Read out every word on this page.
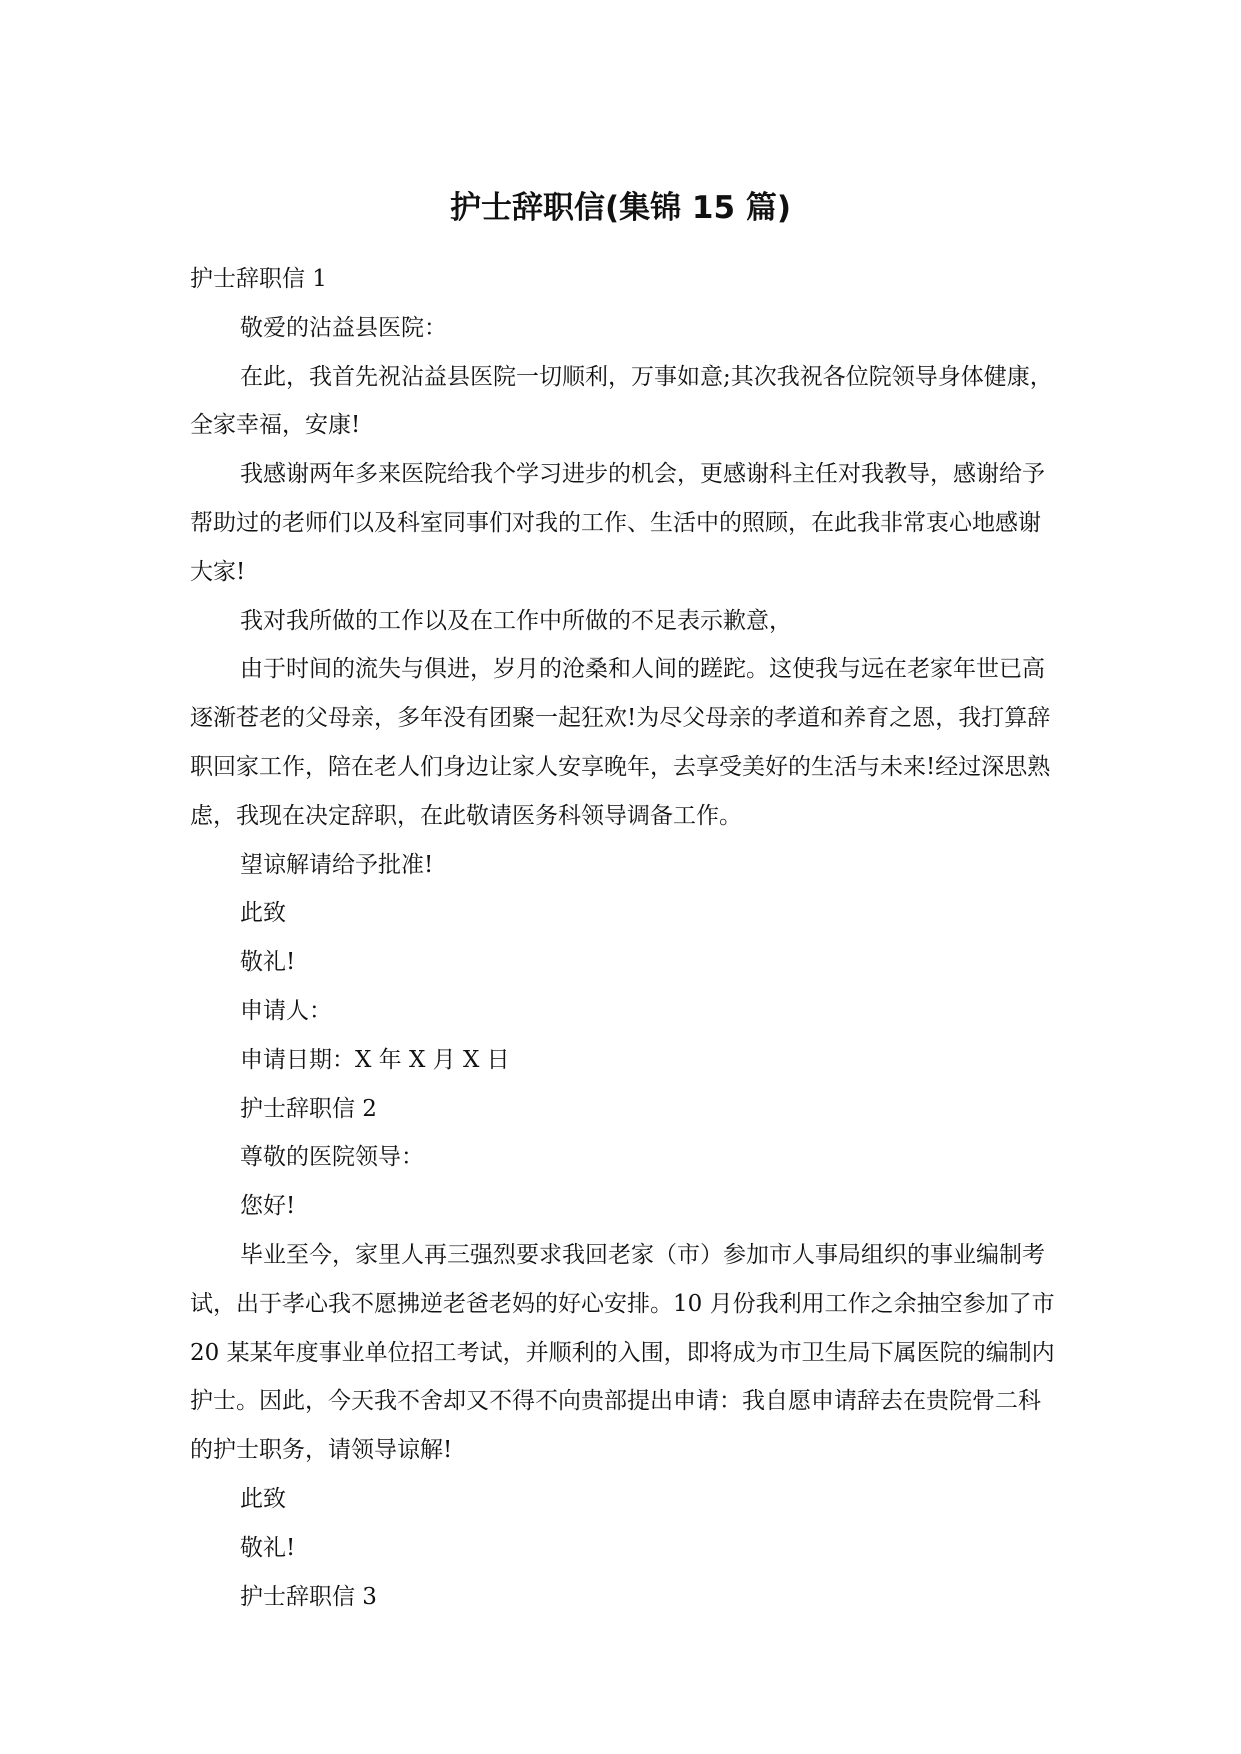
护士辞职信(集锦 15 篇)

护士辞职信 1

敬爱的沾益县医院：

在此，我首先祝沾益县医院一切顺利，万事如意;其次我祝各位院领导身体健康，全家幸福，安康!

我感谢两年多来医院给我个学习进步的机会，更感谢科主任对我教导，感谢给予帮助过的老师们以及科室同事们对我的工作、生活中的照顾，在此我非常衷心地感谢大家!

我对我所做的工作以及在工作中所做的不足表示歉意，

由于时间的流失与俱进，岁月的沧桑和人间的蹉跎。这使我与远在老家年世已高逐渐苍老的父母亲，多年没有团聚一起狂欢!为尽父母亲的孝道和养育之恩，我打算辞职回家工作，陪在老人们身边让家人安享晚年，去享受美好的生活与未来!经过深思熟虑，我现在决定辞职，在此敬请医务科领导调备工作。

望谅解请给予批准!

此致

敬礼!

申请人：

申请日期：X 年 X 月 X 日

护士辞职信 2

尊敬的医院领导：

您好!

毕业至今，家里人再三强烈要求我回老家（市）参加市人事局组织的事业编制考试，出于孝心我不愿拂逆老爸老妈的好心安排。10 月份我利用工作之余抽空参加了市 20 某某年度事业单位招工考试，并顺利的入围，即将成为市卫生局下属医院的编制内护士。因此，今天我不舍却又不得不向贵部提出申请：我自愿申请辞去在贵院骨二科的护士职务，请领导谅解!

此致

敬礼!

护士辞职信 3
